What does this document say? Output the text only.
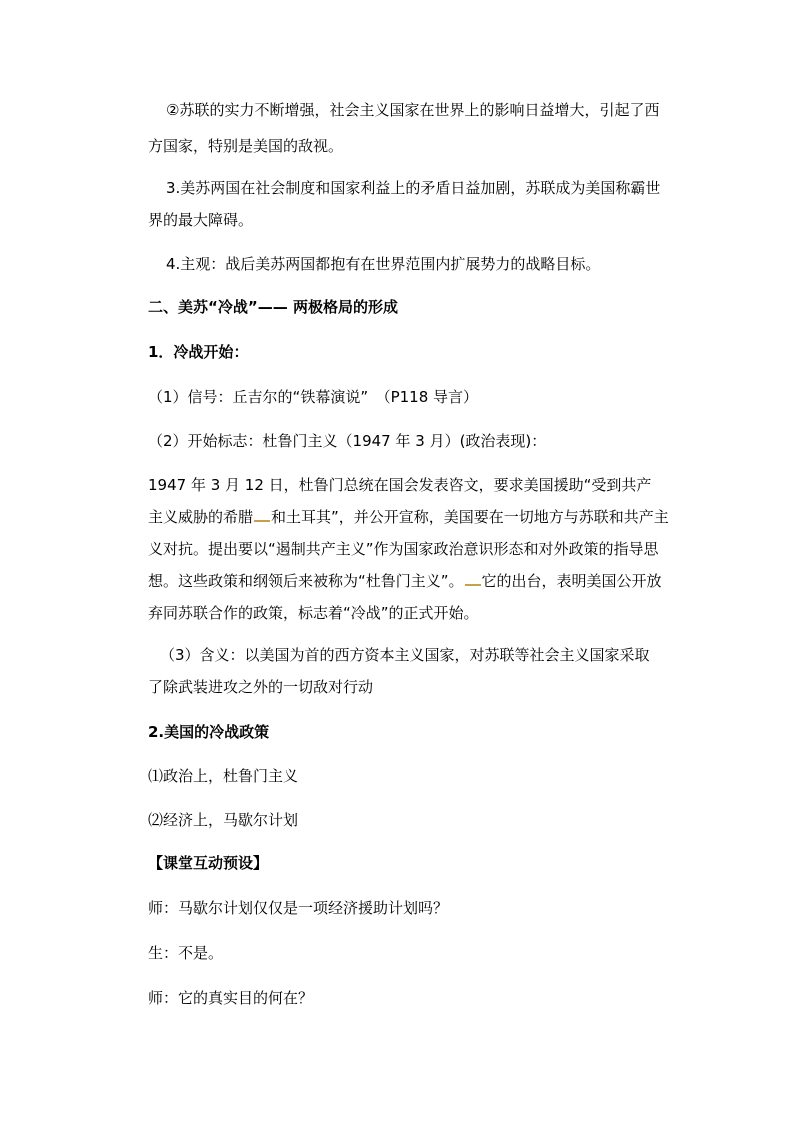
②苏联的实力不断增强，社会主义国家在世界上的影响日益增大，引起了西
方国家，特别是美国的敌视。
3.美苏两国在社会制度和国家利益上的矛盾日益加剧，苏联成为美国称霸世
界的最大障碍。
4.主观：战后美苏两国都抱有在世界范围内扩展势力的战略目标。
二、美苏“冷战”—— 两极格局的形成
1．冷战开始：
（1）信号：丘吉尔的“铁幕演说”　（P118 导言）
（2）开始标志：杜鲁门主义（1947 年 3 月）(政治表现)：
1947 年 3 月 12 日，杜鲁门总统在国会发表咨文，要求美国援助“受到共产
主义威胁的希腊 和土耳其”，并公开宣称，美国要在一切地方与苏联和共产主
义对抗。提出要以“遏制共产主义”作为国家政治意识形态和对外政策的指导思
想。这些政策和纲领后来被称为“杜鲁门主义”。 它的出台，表明美国公开放
弃同苏联合作的政策，标志着“冷战”的正式开始。
（3）含义：以美国为首的西方资本主义国家，对苏联等社会主义国家采取
了除武装进攻之外的一切敌对行动
2.美国的冷战政策
⑴政治上，杜鲁门主义
⑵经济上，马歇尔计划
【课堂互动预设】
师：马歇尔计划仅仅是一项经济援助计划吗？
生：不是。
师：它的真实目的何在？
